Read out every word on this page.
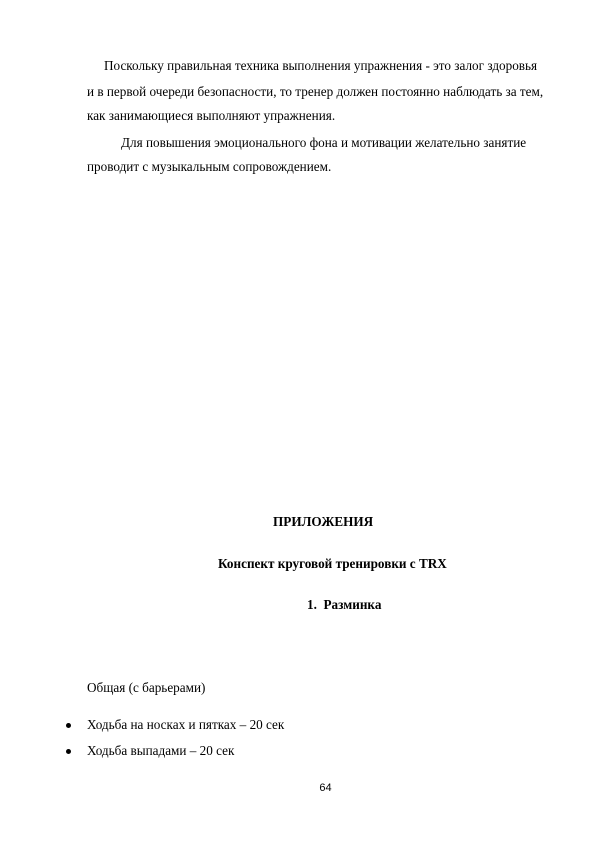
Поскольку правильная техника выполнения упражнения - это залог здоровья
и в первой очереди безопасности, то тренер должен постоянно наблюдать за тем,
как занимающиеся выполняют упражнения.
Для повышения эмоционального фона и мотивации желательно занятие
проводит с музыкальным сопровождением.
ПРИЛОЖЕНИЯ
Конспект круговой тренировки с TRX
1. Разминка
Общая (с барьерами)
Ходьба на носках и пятках – 20 сек
Ходьба выпадами – 20 сек
64
